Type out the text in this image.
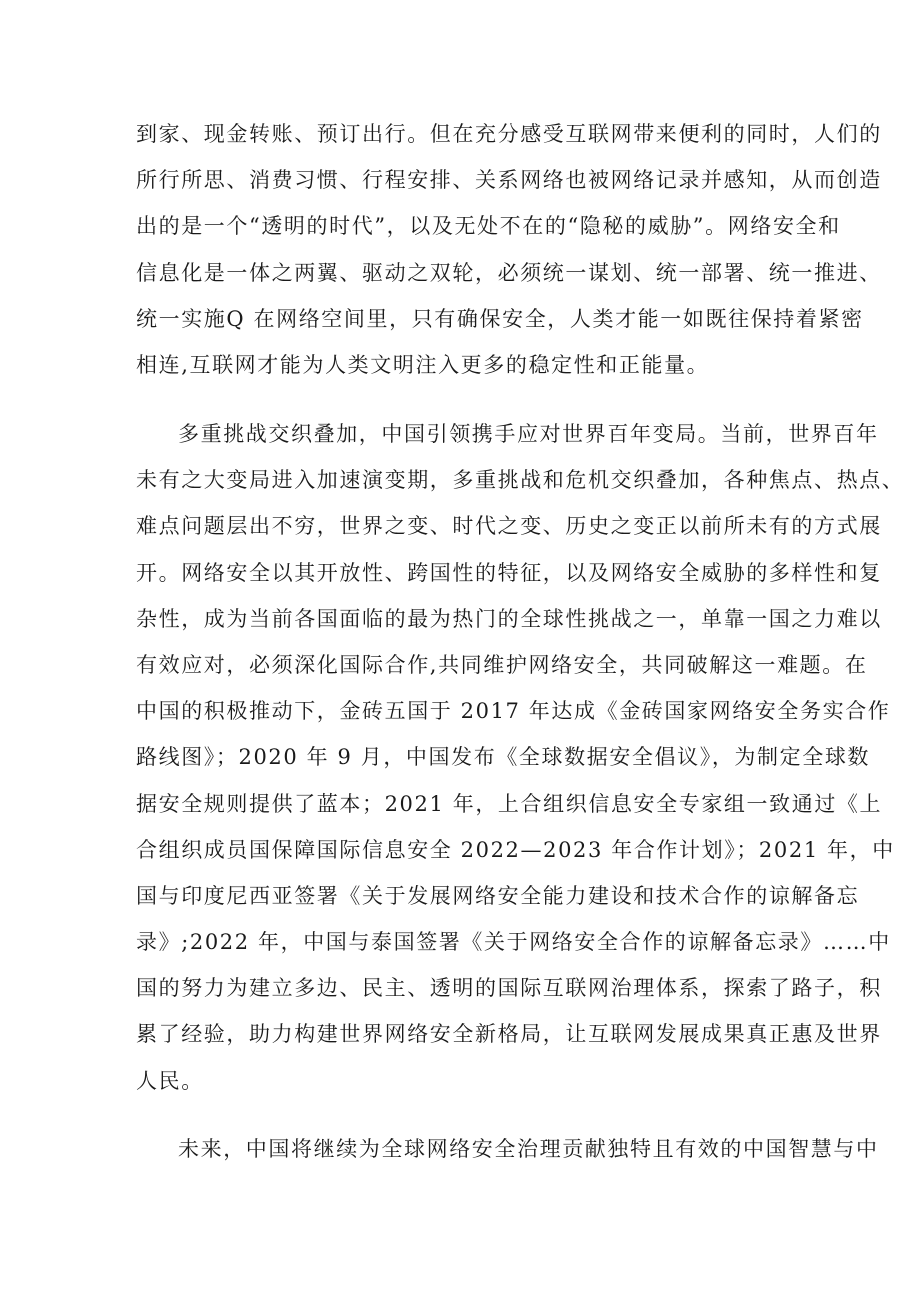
到家、现金转账、预订出行。但在充分感受互联网带来便利的同时，人们的
所行所思、消费习惯、行程安排、关系网络也被网络记录并感知，从而创造
出的是一个“透明的时代”，以及无处不在的“隐秘的威胁”。网络安全和
信息化是一体之两翼、驱动之双轮，必须统一谋划、统一部署、统一推进、
统一实施Q 在网络空间里，只有确保安全，人类才能一如既往保持着紧密
相连,互联网才能为人类文明注入更多的稳定性和正能量。
多重挑战交织叠加，中国引领携手应对世界百年变局。当前，世界百年
未有之大变局进入加速演变期，多重挑战和危机交织叠加，各种焦点、热点、
难点问题层出不穷，世界之变、时代之变、历史之变正以前所未有的方式展
开。网络安全以其开放性、跨国性的特征，以及网络安全威胁的多样性和复
杂性，成为当前各国面临的最为热门的全球性挑战之一，单靠一国之力难以
有效应对，必须深化国际合作,共同维护网络安全，共同破解这一难题。在
中国的积极推动下，金砖五国于 2017 年达成《金砖国家网络安全务实合作
路线图》；2020 年 9 月，中国发布《全球数据安全倡议》，为制定全球数
据安全规则提供了蓝本；2021 年，上合组织信息安全专家组一致通过《上
合组织成员国保障国际信息安全 2022—2023 年合作计划》；2021 年，中
国与印度尼西亚签署《关于发展网络安全能力建设和技术合作的谅解备忘
录》;2022 年，中国与泰国签署《关于网络安全合作的谅解备忘录》……中
国的努力为建立多边、民主、透明的国际互联网治理体系，探索了路子，积
累了经验，助力构建世界网络安全新格局，让互联网发展成果真正惠及世界
人民。
未来，中国将继续为全球网络安全治理贡献独特且有效的中国智慧与中
